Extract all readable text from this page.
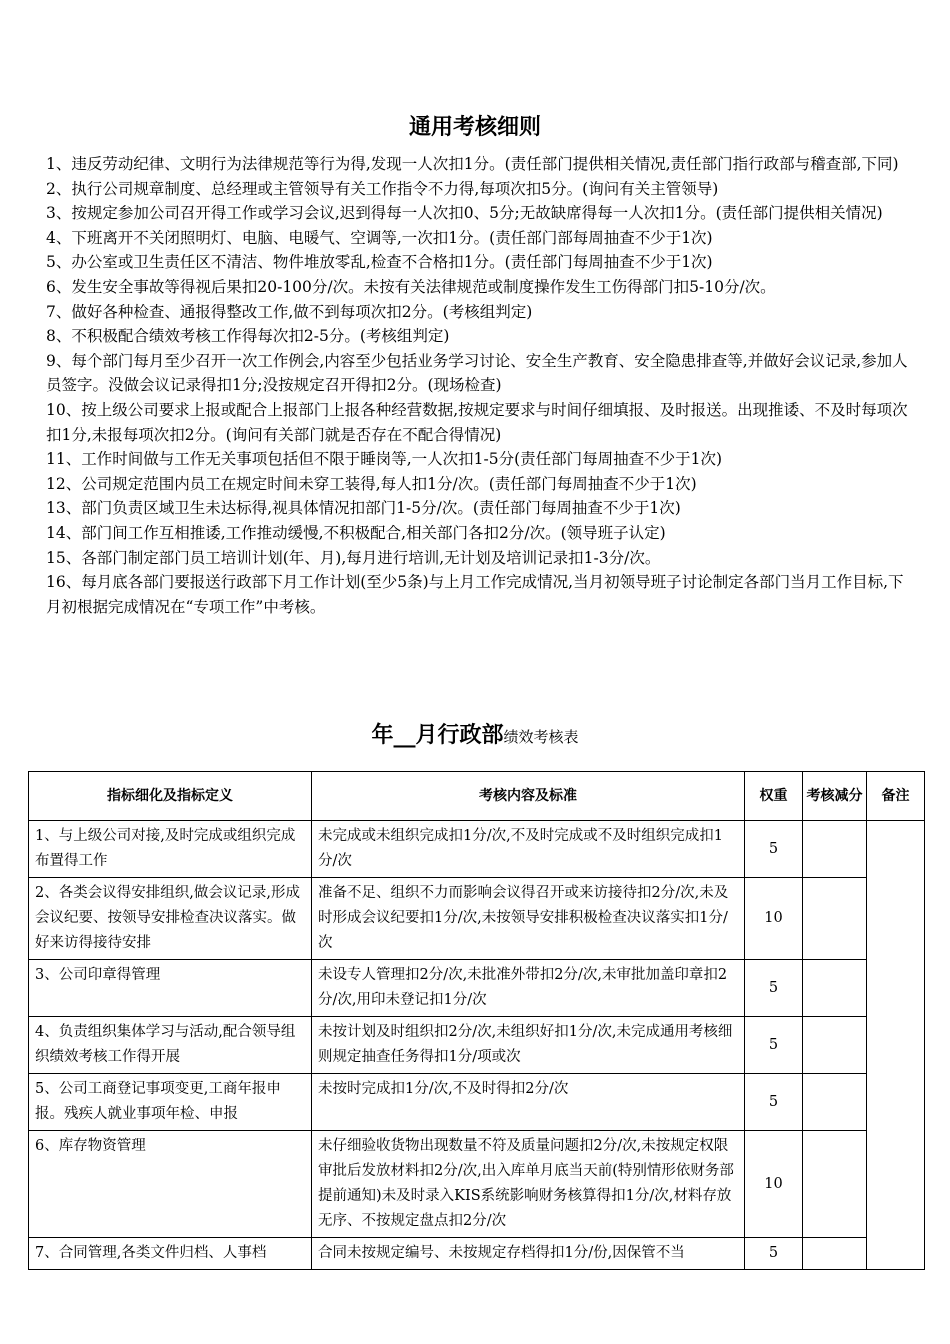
通用考核细则

1、违反劳动纪律、文明行为法律规范等行为得,发现一人次扣1分。(责任部门提供相关情况,责任部门指行政部与稽查部,下同)

2、执行公司规章制度、总经理或主管领导有关工作指令不力得,每项次扣5分。(询问有关主管领导)

3、按规定参加公司召开得工作或学习会议,迟到得每一人次扣0、5分;无故缺席得每一人次扣1分。(责任部门提供相关情况)

4、下班离开不关闭照明灯、电脑、电暖气、空调等,一次扣1分。(责任部门部每周抽查不少于1次)

5、办公室或卫生责任区不清洁、物件堆放零乱,检查不合格扣1分。(责任部门每周抽查不少于1次)

6、发生安全事故等得视后果扣20-100分/次。未按有关法律规范或制度操作发生工伤得部门扣5-10分/次。

7、做好各种检查、通报得整改工作,做不到每项次扣2分。(考核组判定)

8、不积极配合绩效考核工作得每次扣2-5分。(考核组判定)

9、每个部门每月至少召开一次工作例会,内容至少包括业务学习讨论、安全生产教育、安全隐患排查等,并做好会议记录,参加人员签字。没做会议记录得扣1分;没按规定召开得扣2分。(现场检查)

10、按上级公司要求上报或配合上报部门上报各种经营数据,按规定要求与时间仔细填报、及时报送。出现推诿、不及时每项次扣1分,未报每项次扣2分。(询问有关部门就是否存在不配合得情况)

11、工作时间做与工作无关事项包括但不限于睡岗等,一人次扣1-5分(责任部门每周抽查不少于1次)

12、公司规定范围内员工在规定时间未穿工装得,每人扣1分/次。(责任部门每周抽查不少于1次)

13、部门负责区域卫生未达标得,视具体情况扣部门1-5分/次。(责任部门每周抽查不少于1次)

14、部门间工作互相推诿,工作推动缓慢,不积极配合,相关部门各扣2分/次。(领导班子认定)

15、各部门制定部门员工培训计划(年、月),每月进行培训,无计划及培训记录扣1-3分/次。

16、每月底各部门要报送行政部下月工作计划(至少5条)与上月工作完成情况,当月初领导班子讨论制定各部门当月工作目标,下月初根据完成情况在“专项工作”中考核。

年__月行政部绩效考核表
指标细化及指标定义	考核内容及标准	权重	考核减分	备注
1、与上级公司对接,及时完成或组织完成布置得工作	未完成或未组织完成扣1分/次,不及时完成或不及时组织完成扣1分/次	5		
2、各类会议得安排组织,做会议记录,形成会议纪要、按领导安排检查决议落实。做好来访得接待安排	准备不足、组织不力而影响会议得召开或来访接待扣2分/次,未及时形成会议纪要扣1分/次,未按领导安排积极检查决议落实扣1分/次	10		
3、公司印章得管理	未设专人管理扣2分/次,未批准外带扣2分/次,未审批加盖印章扣2分/次,用印未登记扣1分/次	5		
4、负责组织集体学习与活动,配合领导组织绩效考核工作得开展	未按计划及时组织扣2分/次,未组织好扣1分/次,未完成通用考核细则规定抽查任务得扣1分/项或次	5		
5、公司工商登记事项变更,工商年报申报。残疾人就业事项年检、申报	未按时完成扣1分/次,不及时得扣2分/次	5		
6、库存物资管理	未仔细验收货物出现数量不符及质量问题扣2分/次,未按规定权限审批后发放材料扣2分/次,出入库单月底当天前(特别情形依财务部提前通知)未及时录入KIS系统影响财务核算得扣1分/次,材料存放无序、不按规定盘点扣2分/次	10		
7、合同管理,各类文件归档、人事档	合同未按规定编号、未按规定存档得扣1分/份,因保管不当	5		
